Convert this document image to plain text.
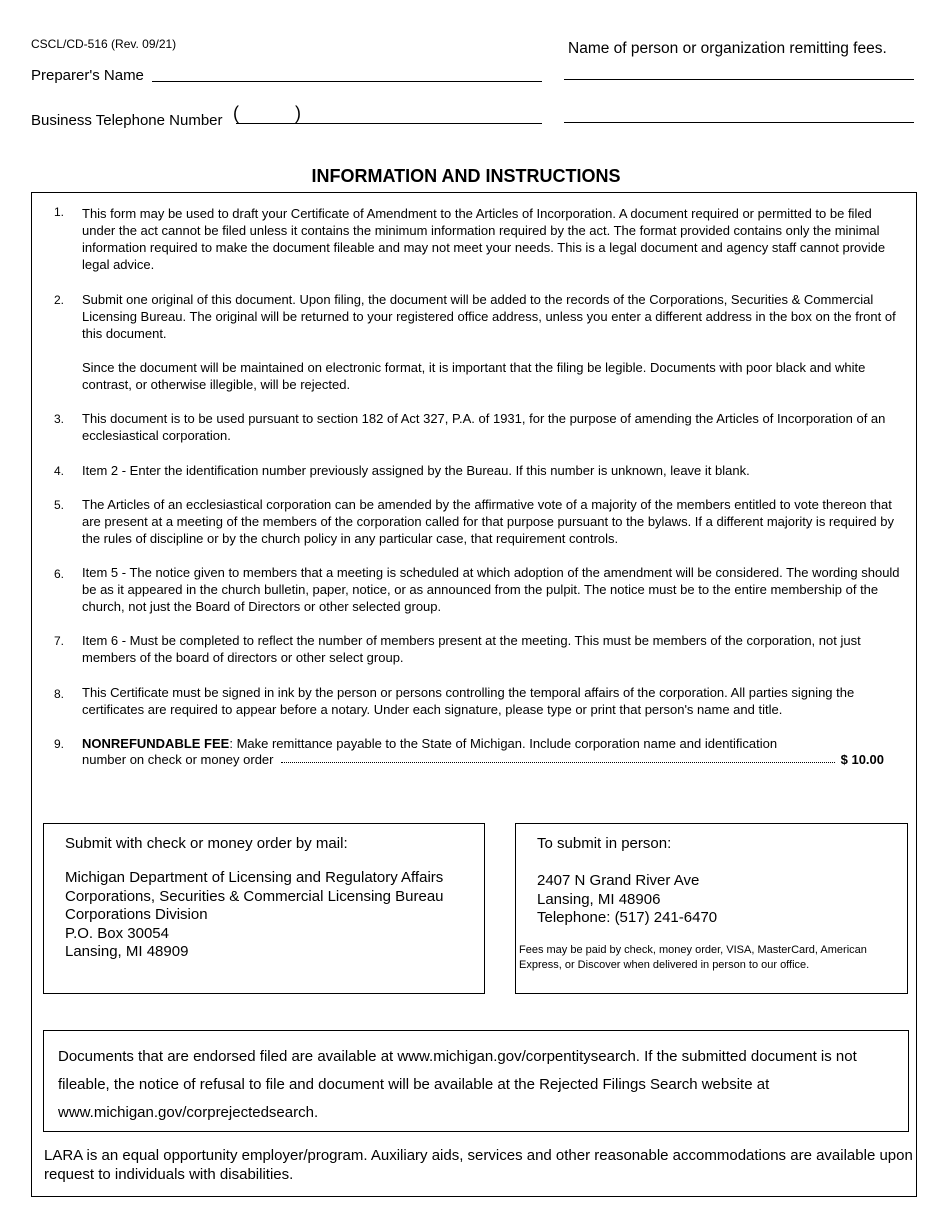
CSCL/CD-516 (Rev. 09/21)
Preparer's Name
Business Telephone Number (	)
Name of person or organization remitting fees.
INFORMATION AND INSTRUCTIONS
1. This form may be used to draft your Certificate of Amendment to the Articles of Incorporation. A document required or permitted to be filed under the act cannot be filed unless it contains the minimum information required by the act. The format provided contains only the minimal information required to make the document fileable and may not meet your needs. This is a legal document and agency staff cannot provide legal advice.
2. Submit one original of this document. Upon filing, the document will be added to the records of the Corporations, Securities & Commercial Licensing Bureau. The original will be returned to your registered office address, unless you enter a different address in the box on the front of this document.
Since the document will be maintained on electronic format, it is important that the filing be legible. Documents with poor black and white contrast, or otherwise illegible, will be rejected.
3. This document is to be used pursuant to section 182 of Act 327, P.A. of 1931, for the purpose of amending the Articles of Incorporation of an ecclesiastical corporation.
4. Item 2 - Enter the identification number previously assigned by the Bureau. If this number is unknown, leave it blank.
5. The Articles of an ecclesiastical corporation can be amended by the affirmative vote of a majority of the members entitled to vote thereon that are present at a meeting of the members of the corporation called for that purpose pursuant to the bylaws. If a different majority is required by the rules of discipline or by the church policy in any particular case, that requirement controls.
6. Item 5 - The notice given to members that a meeting is scheduled at which adoption of the amendment will be considered. The wording should be as it appeared in the church bulletin, paper, notice, or as announced from the pulpit. The notice must be to the entire membership of the church, not just the Board of Directors or other selected group.
7. Item 6 - Must be completed to reflect the number of members present at the meeting. This must be members of the corporation, not just members of the board of directors or other select group.
8. This Certificate must be signed in ink by the person or persons controlling the temporal affairs of the corporation. All parties signing the certificates are required to appear before a notary. Under each signature, please type or print that person's name and title.
9. NONREFUNDABLE FEE: Make remittance payable to the State of Michigan. Include corporation name and identification
number on check or money order	$ 10.00
Submit with check or money order by mail:
Michigan Department of Licensing and Regulatory Affairs
Corporations, Securities & Commercial Licensing Bureau
Corporations Division
P.O. Box 30054
Lansing, MI 48909
To submit in person:
2407 N Grand River Ave
Lansing, MI 48906
Telephone: (517) 241-6470
Fees may be paid by check, money order, VISA, MasterCard, American Express, or Discover when delivered in person to our office.
Documents that are endorsed filed are available at www.michigan.gov/corpentitysearch. If the submitted document is not fileable, the notice of refusal to file and document will be available at the Rejected Filings Search website at www.michigan.gov/corprejectedsearch.
LARA is an equal opportunity employer/program. Auxiliary aids, services and other reasonable accommodations are available upon request to individuals with disabilities.
